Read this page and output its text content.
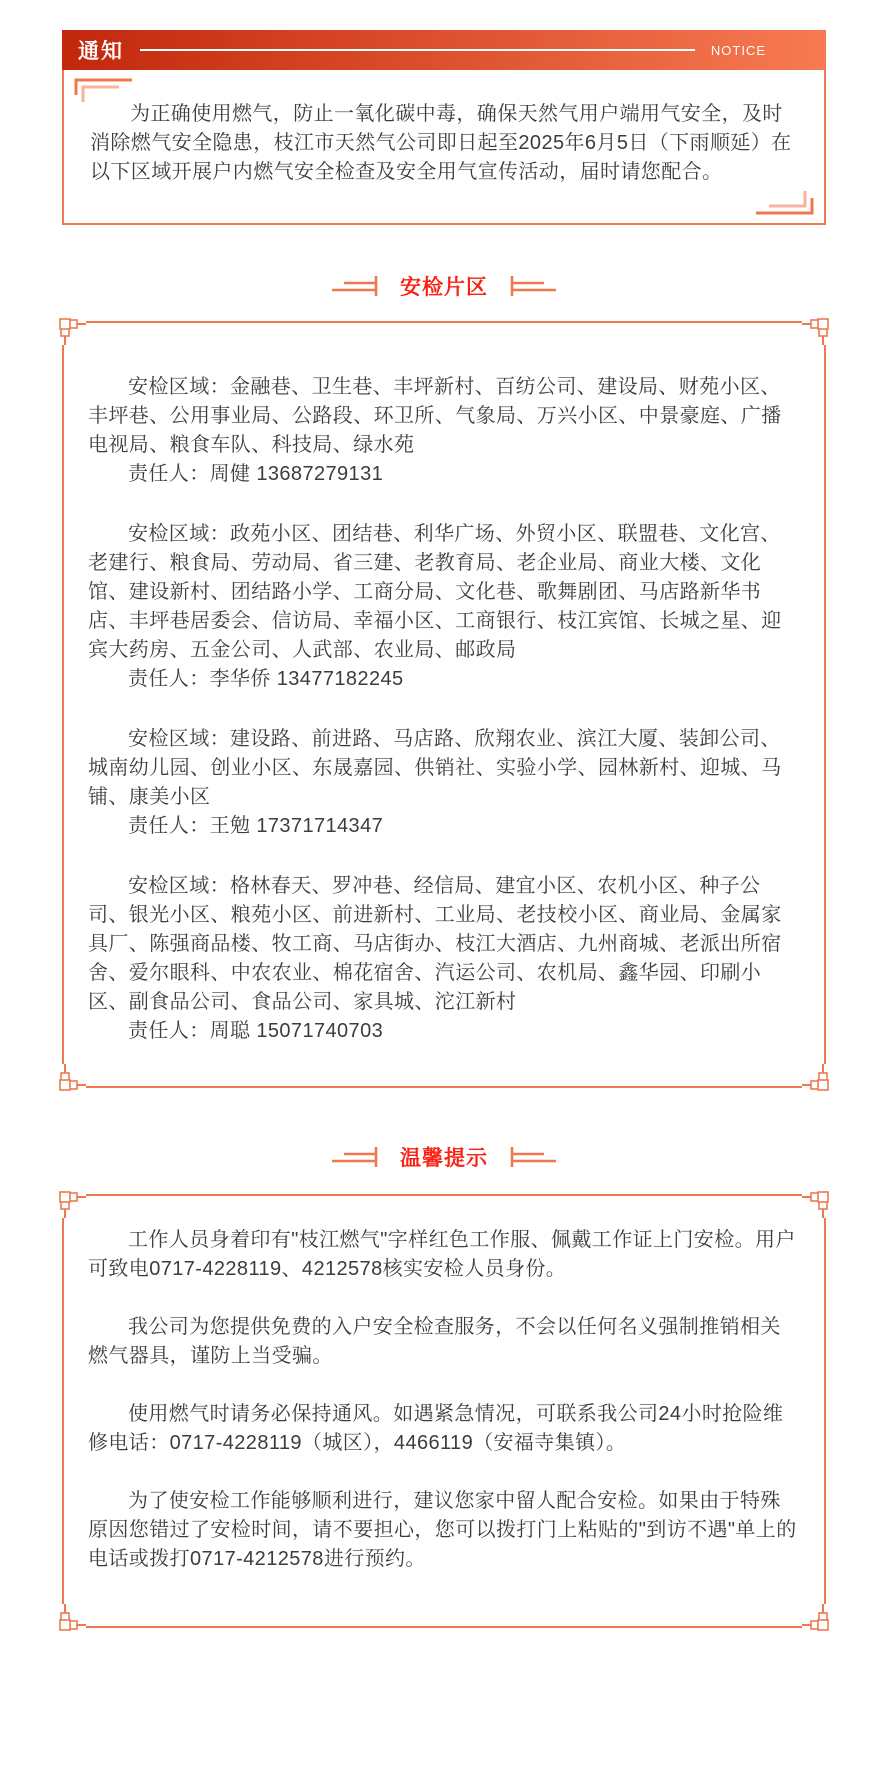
通知	NOTICE

为正确使用燃气，防止一氧化碳中毒，确保天然气用户端用气安全，及时消除燃气安全隐患，枝江市天然气公司即日起至2025年6月5日（下雨顺延）在以下区域开展户内燃气安全检查及安全用气宣传活动，届时请您配合。

安检片区

安检区域：金融巷、卫生巷、丰坪新村、百纺公司、建设局、财苑小区、丰坪巷、公用事业局、公路段、环卫所、气象局、万兴小区、中景豪庭、广播电视局、粮食车队、科技局、绿水苑

责任人：周健 13687279131

安检区域：政苑小区、团结巷、利华广场、外贸小区、联盟巷、文化宫、老建行、粮食局、劳动局、省三建、老教育局、老企业局、商业大楼、文化馆、建设新村、团结路小学、工商分局、文化巷、歌舞剧团、马店路新华书店、丰坪巷居委会、信访局、幸福小区、工商银行、枝江宾馆、长城之星、迎宾大药房、五金公司、人武部、农业局、邮政局

责任人：李华侨 13477182245

安检区域：建设路、前进路、马店路、欣翔农业、滨江大厦、装卸公司、城南幼儿园、创业小区、东晟嘉园、供销社、实验小学、园林新村、迎城、马铺、康美小区

责任人：王勉 17371714347

安检区域：格林春天、罗冲巷、经信局、建宜小区、农机小区、种子公司、银光小区、粮苑小区、前进新村、工业局、老技校小区、商业局、金属家具厂、陈强商品楼、牧工商、马店街办、枝江大酒店、九州商城、老派出所宿舍、爱尔眼科、中农农业、棉花宿舍、汽运公司、农机局、鑫华园、印刷小区、副食品公司、食品公司、家具城、沱江新村

责任人：周聪 15071740703

温馨提示

工作人员身着印有"枝江燃气"字样红色工作服、佩戴工作证上门安检。用户可致电0717-4228119、4212578核实安检人员身份。

我公司为您提供免费的入户安全检查服务，不会以任何名义强制推销相关燃气器具，谨防上当受骗。

使用燃气时请务必保持通风。如遇紧急情况，可联系我公司24小时抢险维修电话：0717-4228119（城区），4466119（安福寺集镇）。

为了使安检工作能够顺利进行，建议您家中留人配合安检。如果由于特殊原因您错过了安检时间，请不要担心，您可以拨打门上粘贴的"到访不遇"单上的电话或拨打0717-4212578进行预约。
